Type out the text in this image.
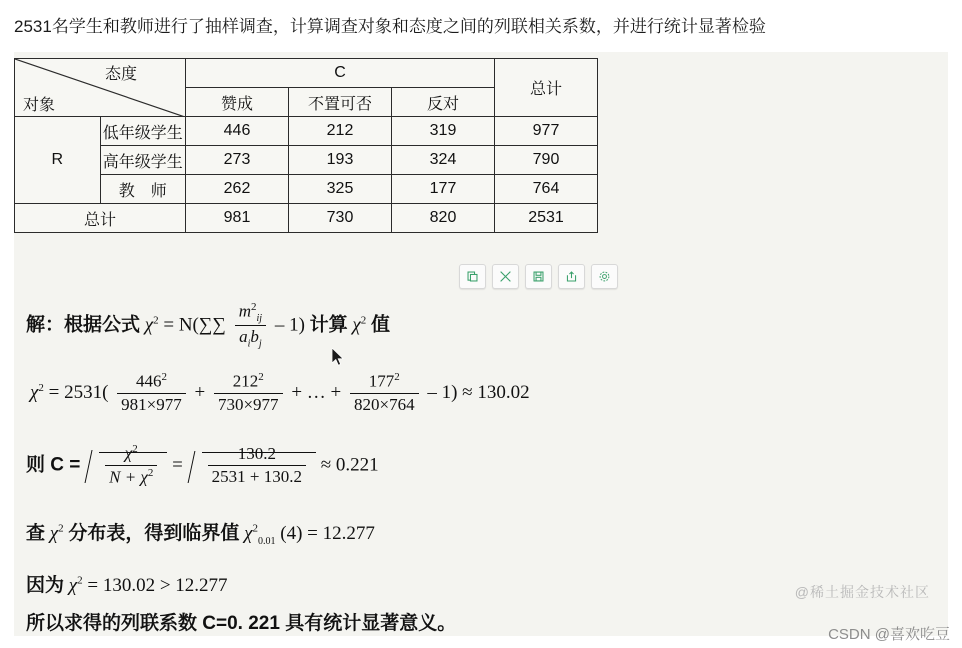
2531名学生和教师进行了抽样调查，计算调查对象和态度之间的列联相关系数，并进行统计显著检验
态度
对象		C			总计
		赞成	不置可否	反对	
R	低年级学生	446	212	319	977
	高年级学生	273	193	324	790
	教　师	262	325	177	764
总计		981	730	820	2531
解：根据公式 $\chi^2 = N(\sum\sum \frac{m^2_{ij}}{a_ib_j} - 1)$ 计算 $\chi^2$ 值
$\chi^2 = 2531( \frac{446^2}{981\times 977} + \frac{212^2}{730\times 977}$ + … + $\frac{177^2}{820\times 764} - 1) \approx 130.02$
则 $C = \frac{\chi^2}{N + \chi^2} = \frac{130.2}{2531 + 130.2} \approx 0.221$
查 $\chi^2$ 分布表，得到临界值 $\chi^2_{0.01}$ (4) = 12.277
因为 $\chi^2 = 130.02 > 12.277$
所以求得的列联系数 C=0. 221 具有统计显著意义。
@稀土掘金技术社区
CSDN @喜欢吃豆
